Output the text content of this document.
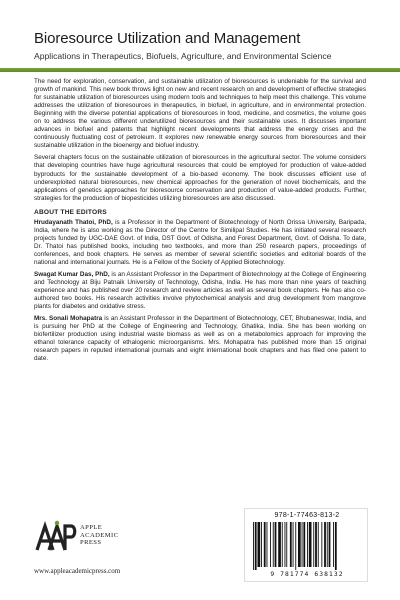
Bioresource Utilization and Management
Applications in Therapeutics, Biofuels, Agriculture, and Environmental Science

The need for exploration, conservation, and sustainable utilization of bioresources is undeniable for the survival and growth of mankind. This new book throws light on new and recent research on and development of effective strategies for sustainable utilization of bioresources using modern tools and techniques to help meet this challenge. This volume addresses the utilization of bioresources in therapeutics, in biofuel, in agriculture, and in environmental protection. Beginning with the diverse potential applications of bioresources in food, medicine, and cosmetics, the volume goes on to address the various different underutilized bioresources and their sustainable uses. It discusses important advances in biofuel and patents that highlight recent developments that address the energy crises and the continuously fluctuating cost of petroleum. It explores new renewable energy sources from bioresources and their sustainable utilization in the bioenergy and biofuel industry.

Several chapters focus on the sustainable utilization of bioresources in the agricultural sector. The volume considers that developing countries have huge agricultural resources that could be employed for production of value-added byproducts for the sustainable development of a bio-based economy. The book discusses efficient use of underexploited natural bioresources, new chemical approaches for the generation of novel biochemicals, and the applications of genetics approaches for bioresource conservation and production of value-added products. Further, strategies for the production of biopesticides utilizing bioresources are also discussed.

ABOUT THE EDITORS

Hrudayanath Thatoi, PhD, is a Professor in the Department of Biotechnology of North Orissa University, Baripada, India, where he is also working as the Director of the Centre for Similipal Studies. He has initiated several research projects funded by UGC-DAE Govt. of India, DST Govt. of Odisha, and Forest Department, Govt. of Odisha. To date, Dr. Thatoi has published books, including two textbooks, and more than 250 research papers, proceedings of conferences, and book chapters. He serves as member of several scientific societies and editorial boards of the national and international journals. He is a Fellow of the Society of Applied Biotechnology.

Swagat Kumar Das, PhD, is an Assistant Professor in the Department of Biotechnology at the College of Engineering and Technology at Biju Patnaik University of Technology, Odisha, India. He has more than nine years of teaching experience and has published over 20 research and review articles as well as several book chapters. He has also co-authored two books. His research activities involve phytochemical analysis and drug development from mangrove plants for diabetes and oxidative stress.

Mrs. Sonali Mohapatra is an Assistant Professor in the Department of Biotechnology, CET, Bhubaneswar, India, and is pursuing her PhD at the College of Engineering and Technology, Ghatika, India. She has been working on biofertilizer production using industrial waste biomass as well as on a metabolomics approach for improving the ethanol tolerance capacity of ethalogenic microorganisms. Mrs. Mohapatra has published more than 15 original research papers in reputed international journals and eight international book chapters and has filed one patent to date.

APPLE
ACADEMIC
PRESS
www.appleacademicpress.com
978-1-77463-813-2
9 781774 638132
